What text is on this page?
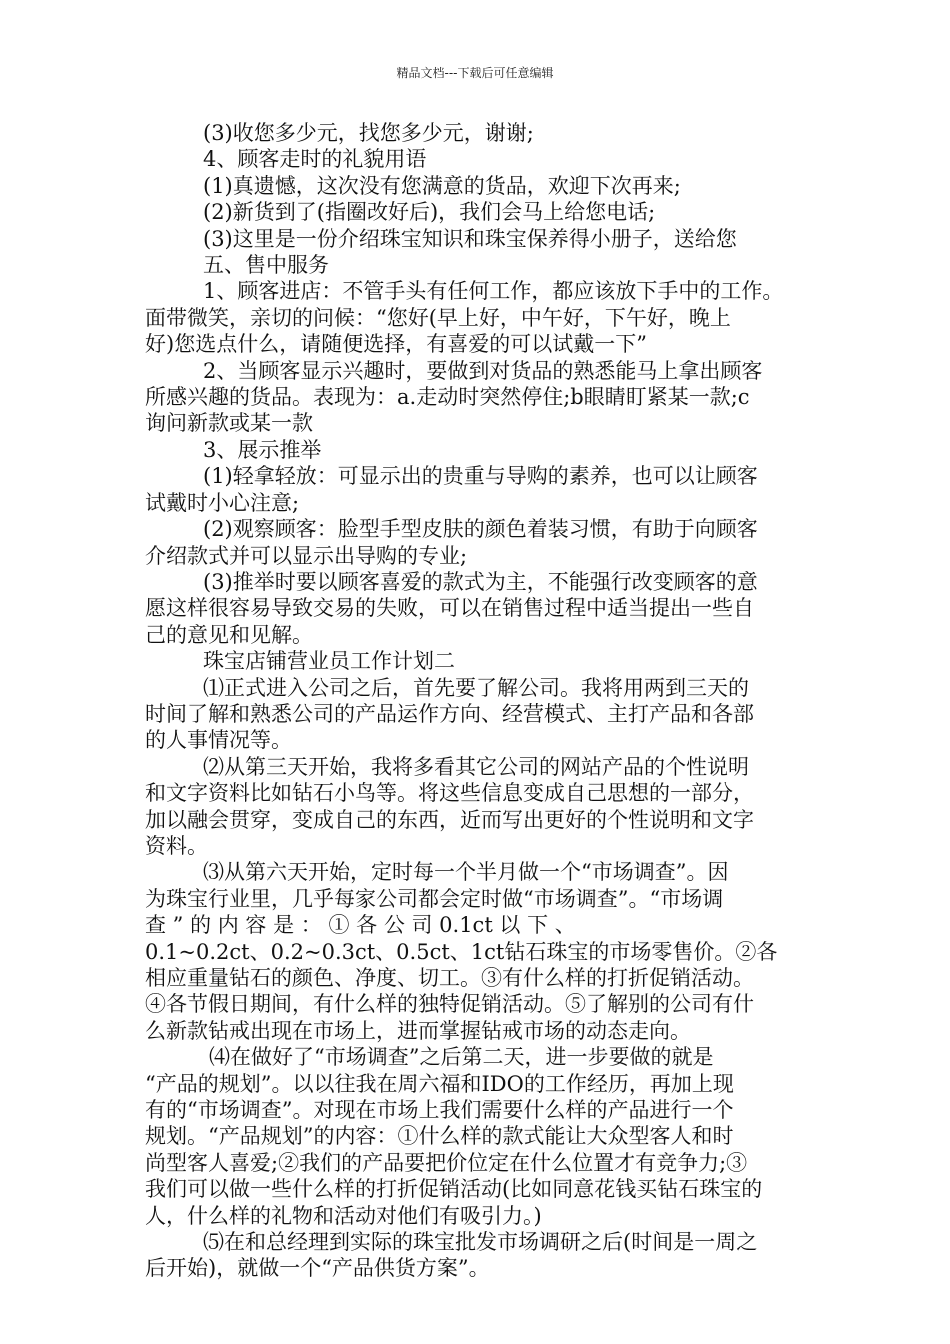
精品文档---下载后可任意编辑

(3)收您多少元，找您多少元，谢谢;

4、顾客走时的礼貌用语

(1)真遗憾，这次没有您满意的货品，欢迎下次再来;

(2)新货到了(指圈改好后)，我们会马上给您电话;

(3)这里是一份介绍珠宝知识和珠宝保养得小册子，送给您

五、售中服务

1、顾客进店：不管手头有任何工作，都应该放下手中的工作。

面带微笑，亲切的问候：“您好(早上好，中午好，下午好，晚上

好)您选点什么，请随便选择，有喜爱的可以试戴一下”

2、当顾客显示兴趣时，要做到对货品的熟悉能马上拿出顾客

所感兴趣的货品。表现为：a.走动时突然停住;b眼睛盯紧某一款;c

询问新款或某一款

3、展示推举

(1)轻拿轻放：可显示出的贵重与导购的素养，也可以让顾客

试戴时小心注意;

(2)观察顾客：脸型手型皮肤的颜色着装习惯，有助于向顾客

介绍款式并可以显示出导购的专业;

(3)推举时要以顾客喜爱的款式为主，不能强行改变顾客的意

愿这样很容易导致交易的失败，可以在销售过程中适当提出一些自

己的意见和见解。

珠宝店铺营业员工作计划二

⑴正式进入公司之后，首先要了解公司。我将用两到三天的

时间了解和熟悉公司的产品运作方向、经营模式、主打产品和各部

的人事情况等。

⑵从第三天开始，我将多看其它公司的网站产品的个性说明

和文字资料比如钻石小鸟等。将这些信息变成自己思想的一部分，

加以融会贯穿，变成自己的东西，近而写出更好的个性说明和文字

资料。

⑶从第六天开始，定时每一个半月做一个“市场调查”。因

为珠宝行业里，几乎每家公司都会定时做“市场调查”。“市场调

查 ” 的 内 容 是 ： ① 各 公 司 0.1ct 以 下 、

0.1~0.2ct、0.2~0.3ct、0.5ct、1ct钻石珠宝的市场零售价。②各

相应重量钻石的颜色、净度、切工。③有什么样的打折促销活动。

④各节假日期间，有什么样的独特促销活动。⑤了解别的公司有什

么新款钻戒出现在市场上，进而掌握钻戒市场的动态走向。

⑷在做好了“市场调查”之后第二天，进一步要做的就是

“产品的规划”。以以往我在周六福和IDO的工作经历，再加上现

有的“市场调查”。对现在市场上我们需要什么样的产品进行一个

规划。“产品规划”的内容：①什么样的款式能让大众型客人和时

尚型客人喜爱;②我们的产品要把价位定在什么位置才有竞争力;③

我们可以做一些什么样的打折促销活动(比如同意花钱买钻石珠宝的

人，什么样的礼物和活动对他们有吸引力。)

⑸在和总经理到实际的珠宝批发市场调研之后(时间是一周之

后开始)，就做一个“产品供货方案”。
